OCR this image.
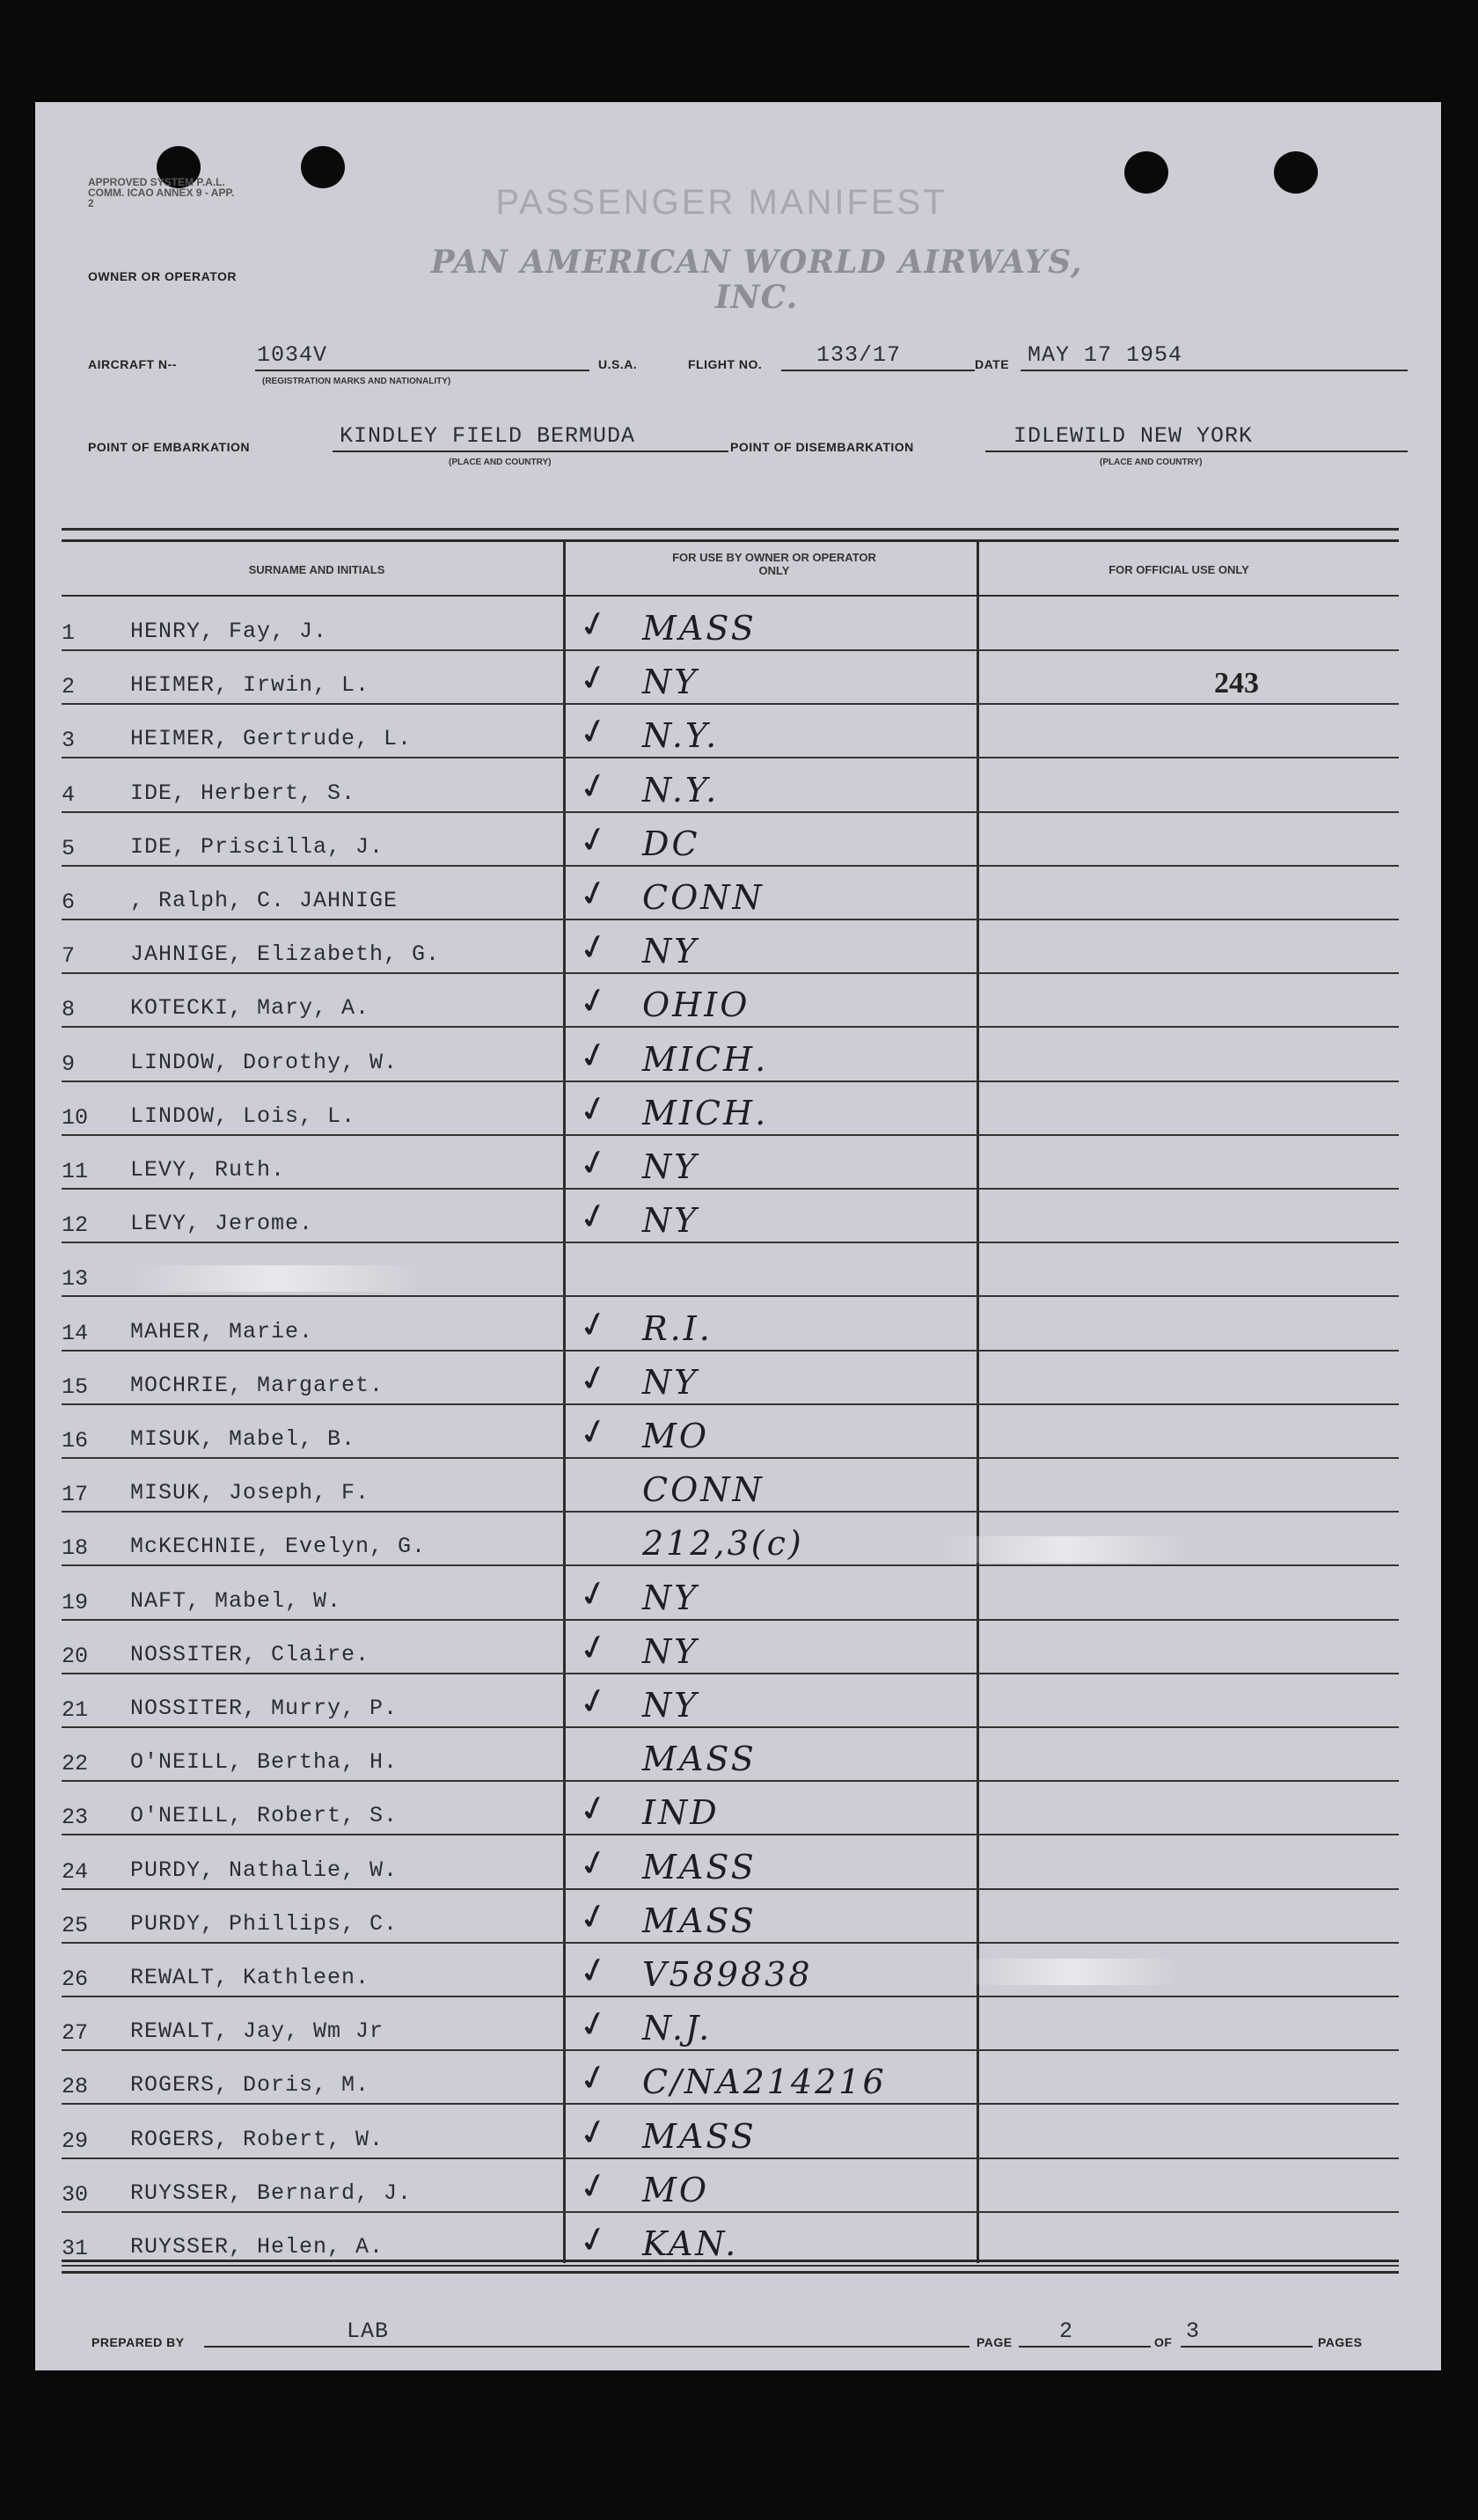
APPROVED SYSTEM P.A.L. COMM. ICAO ANNEX 9 - APP. 2	PASSENGER MANIFEST
OWNER OR OPERATOR	PAN AMERICAN WORLD AIRWAYS, INC.
AIRCRAFT N--	1034V
(REGISTRATION MARKS AND NATIONALITY)
U.S.A.	FLIGHT NO. 133/17	DATE MAY 17 1954
POINT OF EMBARKATION	KINDLEY FIELD BERMUDA
(PLACE AND COUNTRY)
POINT OF DISEMBARKATION	IDLEWILD NEW YORK
(PLACE AND COUNTRY)
SURNAME AND INITIALS
FOR USE BY OWNER OR OPERATOR ONLY	FOR OFFICIAL USE ONLY
1	HENRY, Fay, J.	✓ MASS
2	HEIMER, Irwin, L.	✓ NY	243
3	HEIMER, Gertrude, L.	✓ N.Y.
4	IDE, Herbert, S.	✓ N.Y.
5	IDE, Priscilla, J.	✓ DC
6	, Ralph, C. JAHNIGE	✓ CONN
7	JAHNIGE, Elizabeth, G.	✓ NY
8	KOTECKI, Mary, A.	✓ OHIO
9	LINDOW, Dorothy, W.	✓ MICH.
10	LINDOW, Lois, L.	✓ MICH.
11	LEVY, Ruth.	✓ NY
12	LEVY, Jerome.	✓ NY
13
14	MAHER, Marie.	✓ R.I.
15	MOCHRIE, Margaret.	✓ NY
16	MISUK, Mabel, B.	✓ MO
17	MISUK, Joseph, F.	CONN
18	McKECHNIE, Evelyn, G.	212,3(c)
19	NAFT, Mabel, W.	✓ NY
20	NOSSITER, Claire.	✓ NY
21	NOSSITER, Murry, P.	✓ NY
22	O'NEILL, Bertha, H.	MASS
23	O'NEILL, Robert, S.	✓ IND
24	PURDY, Nathalie, W.	✓ MASS
25	PURDY, Phillips, C.	✓ MASS
26	REWALT, Kathleen.	✓ V589838
27	REWALT, Jay, Wm Jr	✓ N.J.
28	ROGERS, Doris, M.	✓ C/NA214216
29	ROGERS, Robert, W.	✓ MASS
30	RUYSSER, Bernard, J.	✓ MO
31	RUYSSER, Helen, A.	✓ KAN.
PREPARED BY	LAB	PAGE 2	OF 3	PAGES
